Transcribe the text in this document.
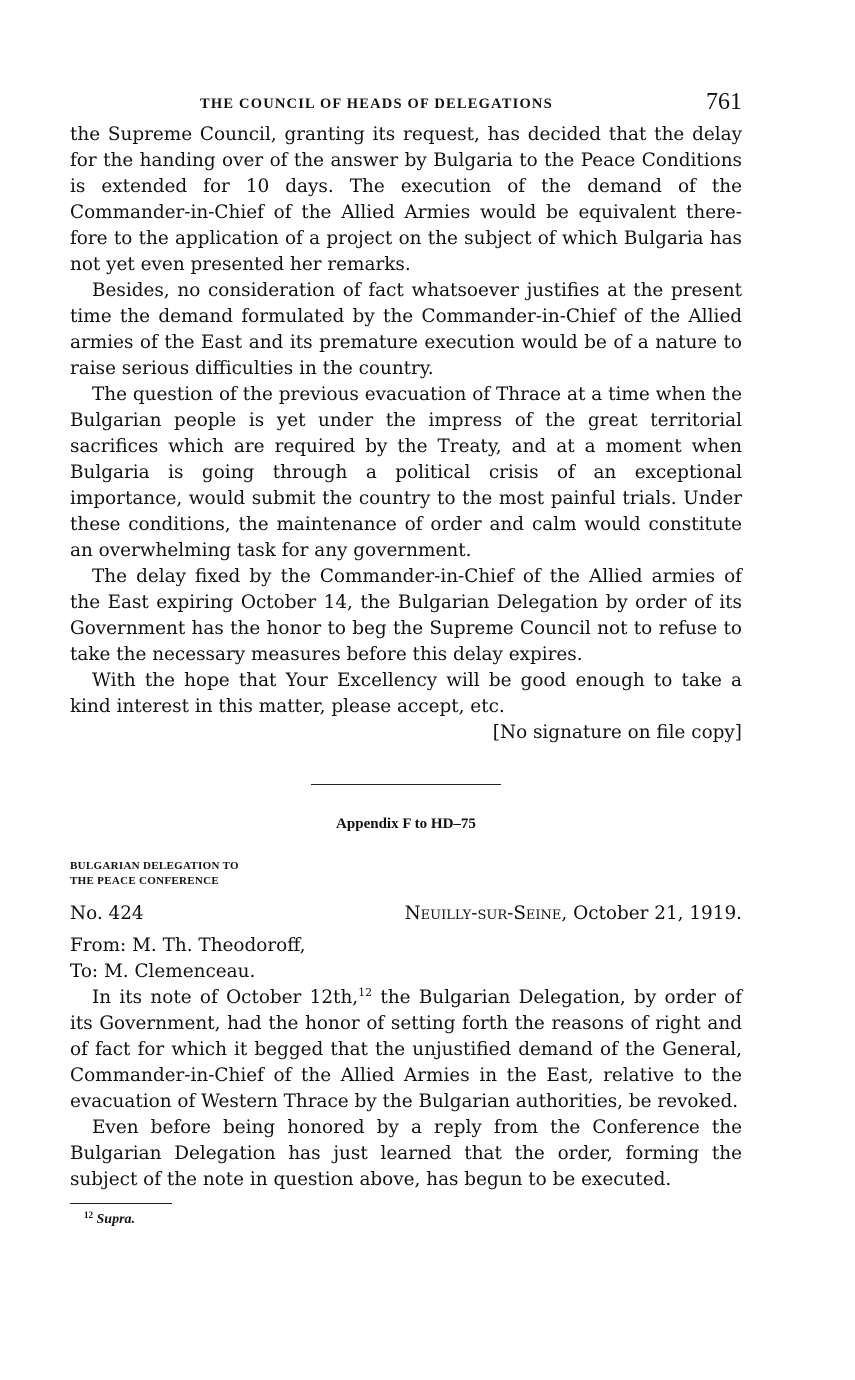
THE COUNCIL OF HEADS OF DELEGATIONS	761

the Supreme Council, granting its request, has decided that the delay for the handing over of the answer by Bulgaria to the Peace Conditions is extended for 10 days. The execution of the demand of the Commander-in-Chief of the Allied Armies would be equivalent therefore to the application of a project on the subject of which Bulgaria has not yet even presented her remarks.

Besides, no consideration of fact whatsoever justifies at the present time the demand formulated by the Commander-in-Chief of the Allied armies of the East and its premature execution would be of a nature to raise serious difficulties in the country.

The question of the previous evacuation of Thrace at a time when the Bulgarian people is yet under the impress of the great territorial sacrifices which are required by the Treaty, and at a moment when Bulgaria is going through a political crisis of an exceptional importance, would submit the country to the most painful trials. Under these conditions, the maintenance of order and calm would constitute an overwhelming task for any government.

The delay fixed by the Commander-in-Chief of the Allied armies of the East expiring October 14, the Bulgarian Delegation by order of its Government has the honor to beg the Supreme Council not to refuse to take the necessary measures before this delay expires.

With the hope that Your Excellency will be good enough to take a kind interest in this matter, please accept, etc.

[No signature on file copy]
Appendix F to HD–75
BULGARIAN DELEGATION TO
THE PEACE CONFERENCE
No. 424	Neuilly-sur-Seine, October 21, 1919.
From: M. Th. Theodoroff,
To: M. Clemenceau.

In its note of October 12th,$^{12}$ the Bulgarian Delegation, by order of its Government, had the honor of setting forth the reasons of right and of fact for which it begged that the unjustified demand of the General, Commander-in-Chief of the Allied Armies in the East, relative to the evacuation of Western Thrace by the Bulgarian authorities, be revoked.

Even before being honored by a reply from the Conference the Bulgarian Delegation has just learned that the order, forming the subject of the note in question above, has begun to be executed.

$^{12}$ Supra.
